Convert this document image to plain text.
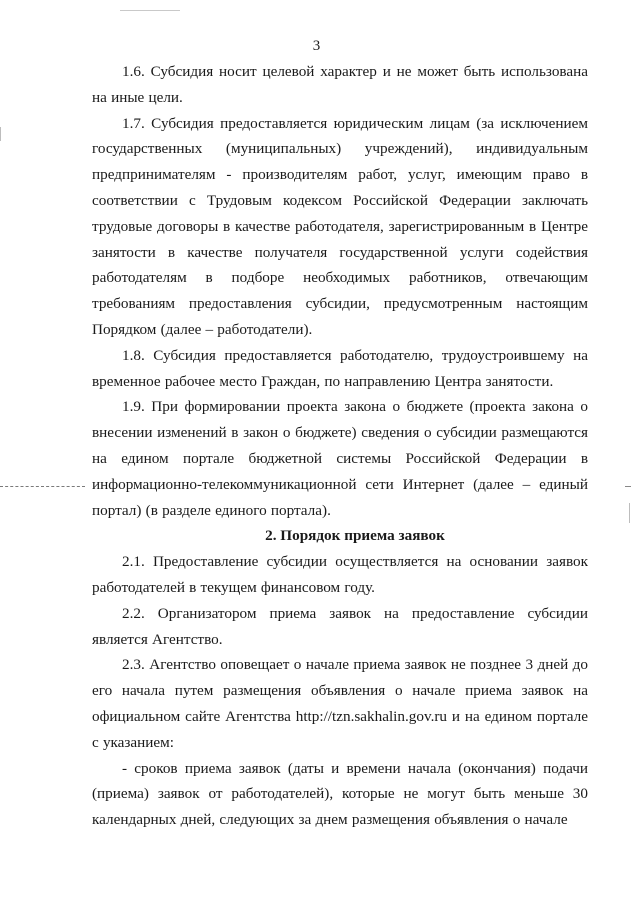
3

1.6. Субсидия носит целевой характер и не может быть использована на иные цели.

1.7. Субсидия предоставляется юридическим лицам (за исключением государственных (муниципальных) учреждений), индивидуальным предпринимателям - производителям работ, услуг, имеющим право в соответствии с Трудовым кодексом Российской Федерации заключать трудовые договоры в качестве работодателя, зарегистрированным в Центре занятости в качестве получателя государственной услуги содействия работодателям в подборе необходимых работников, отвечающим требованиям предоставления субсидии, предусмотренным настоящим Порядком (далее – работодатели).

1.8. Субсидия предоставляется работодателю, трудоустроившему на временное рабочее место Граждан, по направлению Центра занятости.

1.9. При формировании проекта закона о бюджете (проекта закона о внесении изменений в закон о бюджете) сведения о субсидии размещаются на едином портале бюджетной системы Российской Федерации в информационно-телекоммуникационной сети Интернет (далее – единый портал) (в разделе единого портала).

2. Порядок приема заявок

2.1. Предоставление субсидии осуществляется на основании заявок работодателей в текущем финансовом году.

2.2. Организатором приема заявок на предоставление субсидии является Агентство.

2.3. Агентство оповещает о начале приема заявок не позднее 3 дней до его начала путем размещения объявления о начале приема заявок на официальном сайте Агентства http://tzn.sakhalin.gov.ru и на едином портале с указанием:

- сроков приема заявок (даты и времени начала (окончания) подачи (приема) заявок от работодателей), которые не могут быть меньше 30 календарных дней, следующих за днем размещения объявления о начале
